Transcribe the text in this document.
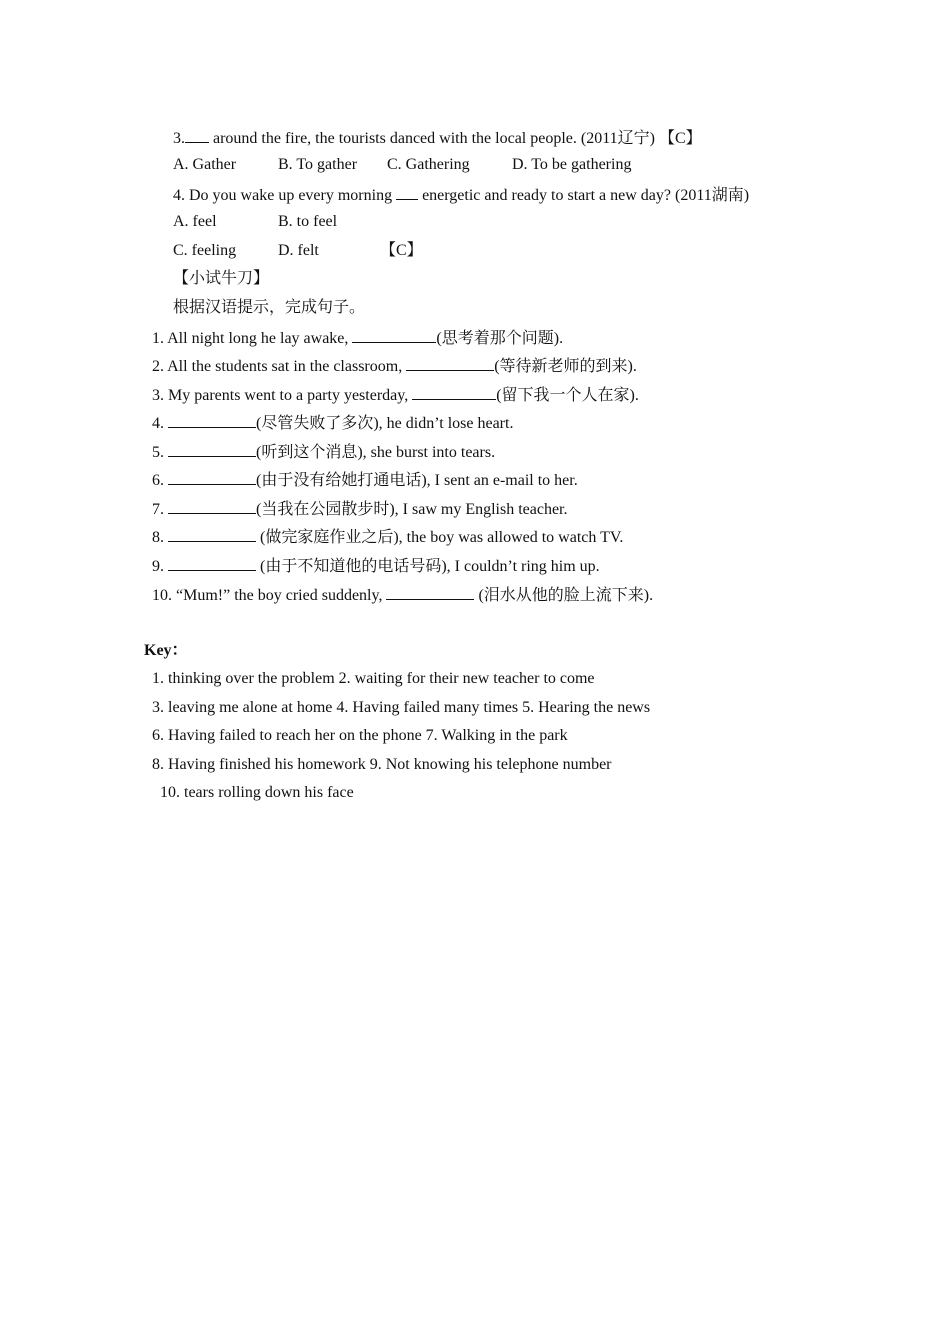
3. around the fire, the tourists danced with the local people. (2011辽宁) 【C】
A. Gather	B. To gather C. Gathering	D. To be gathering
4. Do you wake up every morning  energetic and ready to start a new day? (2011湖南)
A. feel	B. to feel
C. feeling	D. felt	【C】
【小试牛刀】
根据汉语提示，完成句子。
1. All night long he lay awake,	(思考着那个问题).
2. All the students sat in the classroom,	(等待新老师的到来).
3. My parents went to a party yesterday,	(留下我一个人在家).
4.	(尽管失败了多次), he didn’t lose heart.
5.	(听到这个消息), she burst into tears.
6.	(由于没有给她打通电话), I sent an e-mail to her.
7.	(当我在公园散步时), I saw my English teacher.
8.	(做完家庭作业之后), the boy was allowed to watch TV.
9.	(由于不知道他的电话号码), I couldn’t ring him up.
10. “Mum!” the boy cried suddenly,	(泪水从他的脸上流下来).
Key：
1. thinking over the problem 2. waiting for their new teacher to come
3. leaving me alone at home 4. Having failed many times 5. Hearing the news
6. Having failed to reach her on the phone 7. Walking in the park
8. Having finished his homework 9. Not knowing his telephone number
10. tears rolling down his face
